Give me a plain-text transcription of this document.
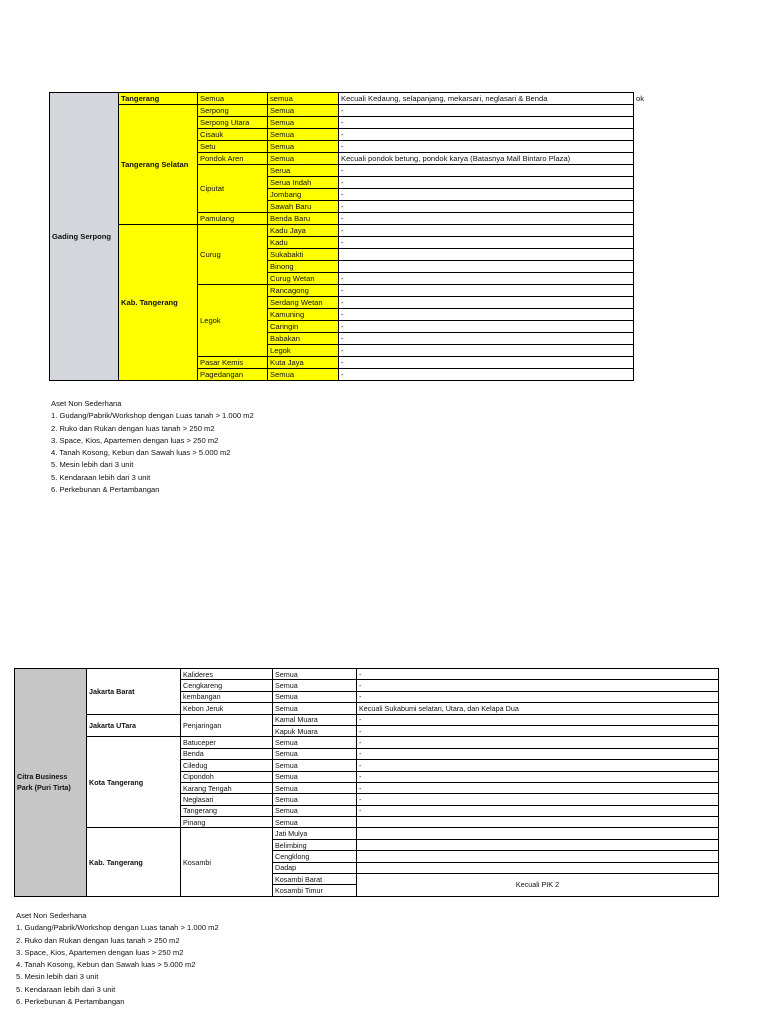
Gading Serpong	Tangerang	Semua	semua	Kecuali Kedaung, selapanjang, mekarsari, neglasari & Benda	ok
	Tangerang Selatan	Serpong	Semua	-	
		Serpong Utara	Semua	-	
		Cisauk	Semua	-	
		Setu	Semua	-	
		Pondok Aren	Semua	Kecuali pondok betung, pondok karya (Batasnya Mall Bintaro Plaza)	
		Ciputat	Serua	-	
			Serua Indah	-	
			Jombang	-	
			Sawah Baru	-	
		Pamulang	Benda Baru	-	
	Kab. Tangerang	Curug	Kadu Jaya	-	
			Kadu	-	
			Sukabakti		
			Binong		
			Curug Wetan	-	
		Legok	Rancagong	-	
			Serdang Wetan	-	
			Kamuning	-	
			Caringin	-	
			Babakan	-	
			Legok	-	
		Pasar Kemis	Kuta Jaya	-	
		Pagedangan	Semua	-	
Aset Non Sederhana
1. Gudang/Pabrik/Workshop dengan Luas tanah > 1.000 m2
2. Ruko dan Rukan dengan luas tanah > 250 m2
3. Space, Kios, Apartemen dengan luas > 250 m2
4. Tanah Kosong, Kebun dan Sawah luas > 5.000 m2
5. Mesin lebih dari 3 unit
5. Kendaraan lebih dari 3 unit
6. Perkebunan & Pertambangan
Citra Business Park (Puri Tirta)	Jakarta Barat	Kalideres	Semua	-
		Cengkareng	Semua	-
		kembangan	Semua	-
		Kebon Jeruk	Semua	Kecuali Sukabumi selatan, Utara, dan Kelapa Dua
	Jakarta UTara	Penjaringan	Kamal Muara	-
			Kapuk Muara	-
	Kota Tangerang	Batuceper	Semua	-
		Benda	Semua	-
		Ciledug	Semua	-
		Cipondoh	Semua	-
		Karang Tengah	Semua	-
		Neglasari	Semua	-
		Tangerang	Semua	-
		Pinang	Semua	
	Kab. Tangerang	Kosambi	Jati Mulya	
			Belimbing	
			Cengklong	
			Dadap	
			Kosambi Barat	Kecuali PIK 2
			Kosambi Timur	
Aset Non Sederhana
1. Gudang/Pabrik/Workshop dengan Luas tanah > 1.000 m2
2. Ruko dan Rukan dengan luas tanah > 250 m2
3. Space, Kios, Apartemen dengan luas > 250 m2
4. Tanah Kosong, Kebun dan Sawah luas > 5.000 m2
5. Mesin lebih dari 3 unit
5. Kendaraan lebih dari 3 unit
6. Perkebunan & Pertambangan
